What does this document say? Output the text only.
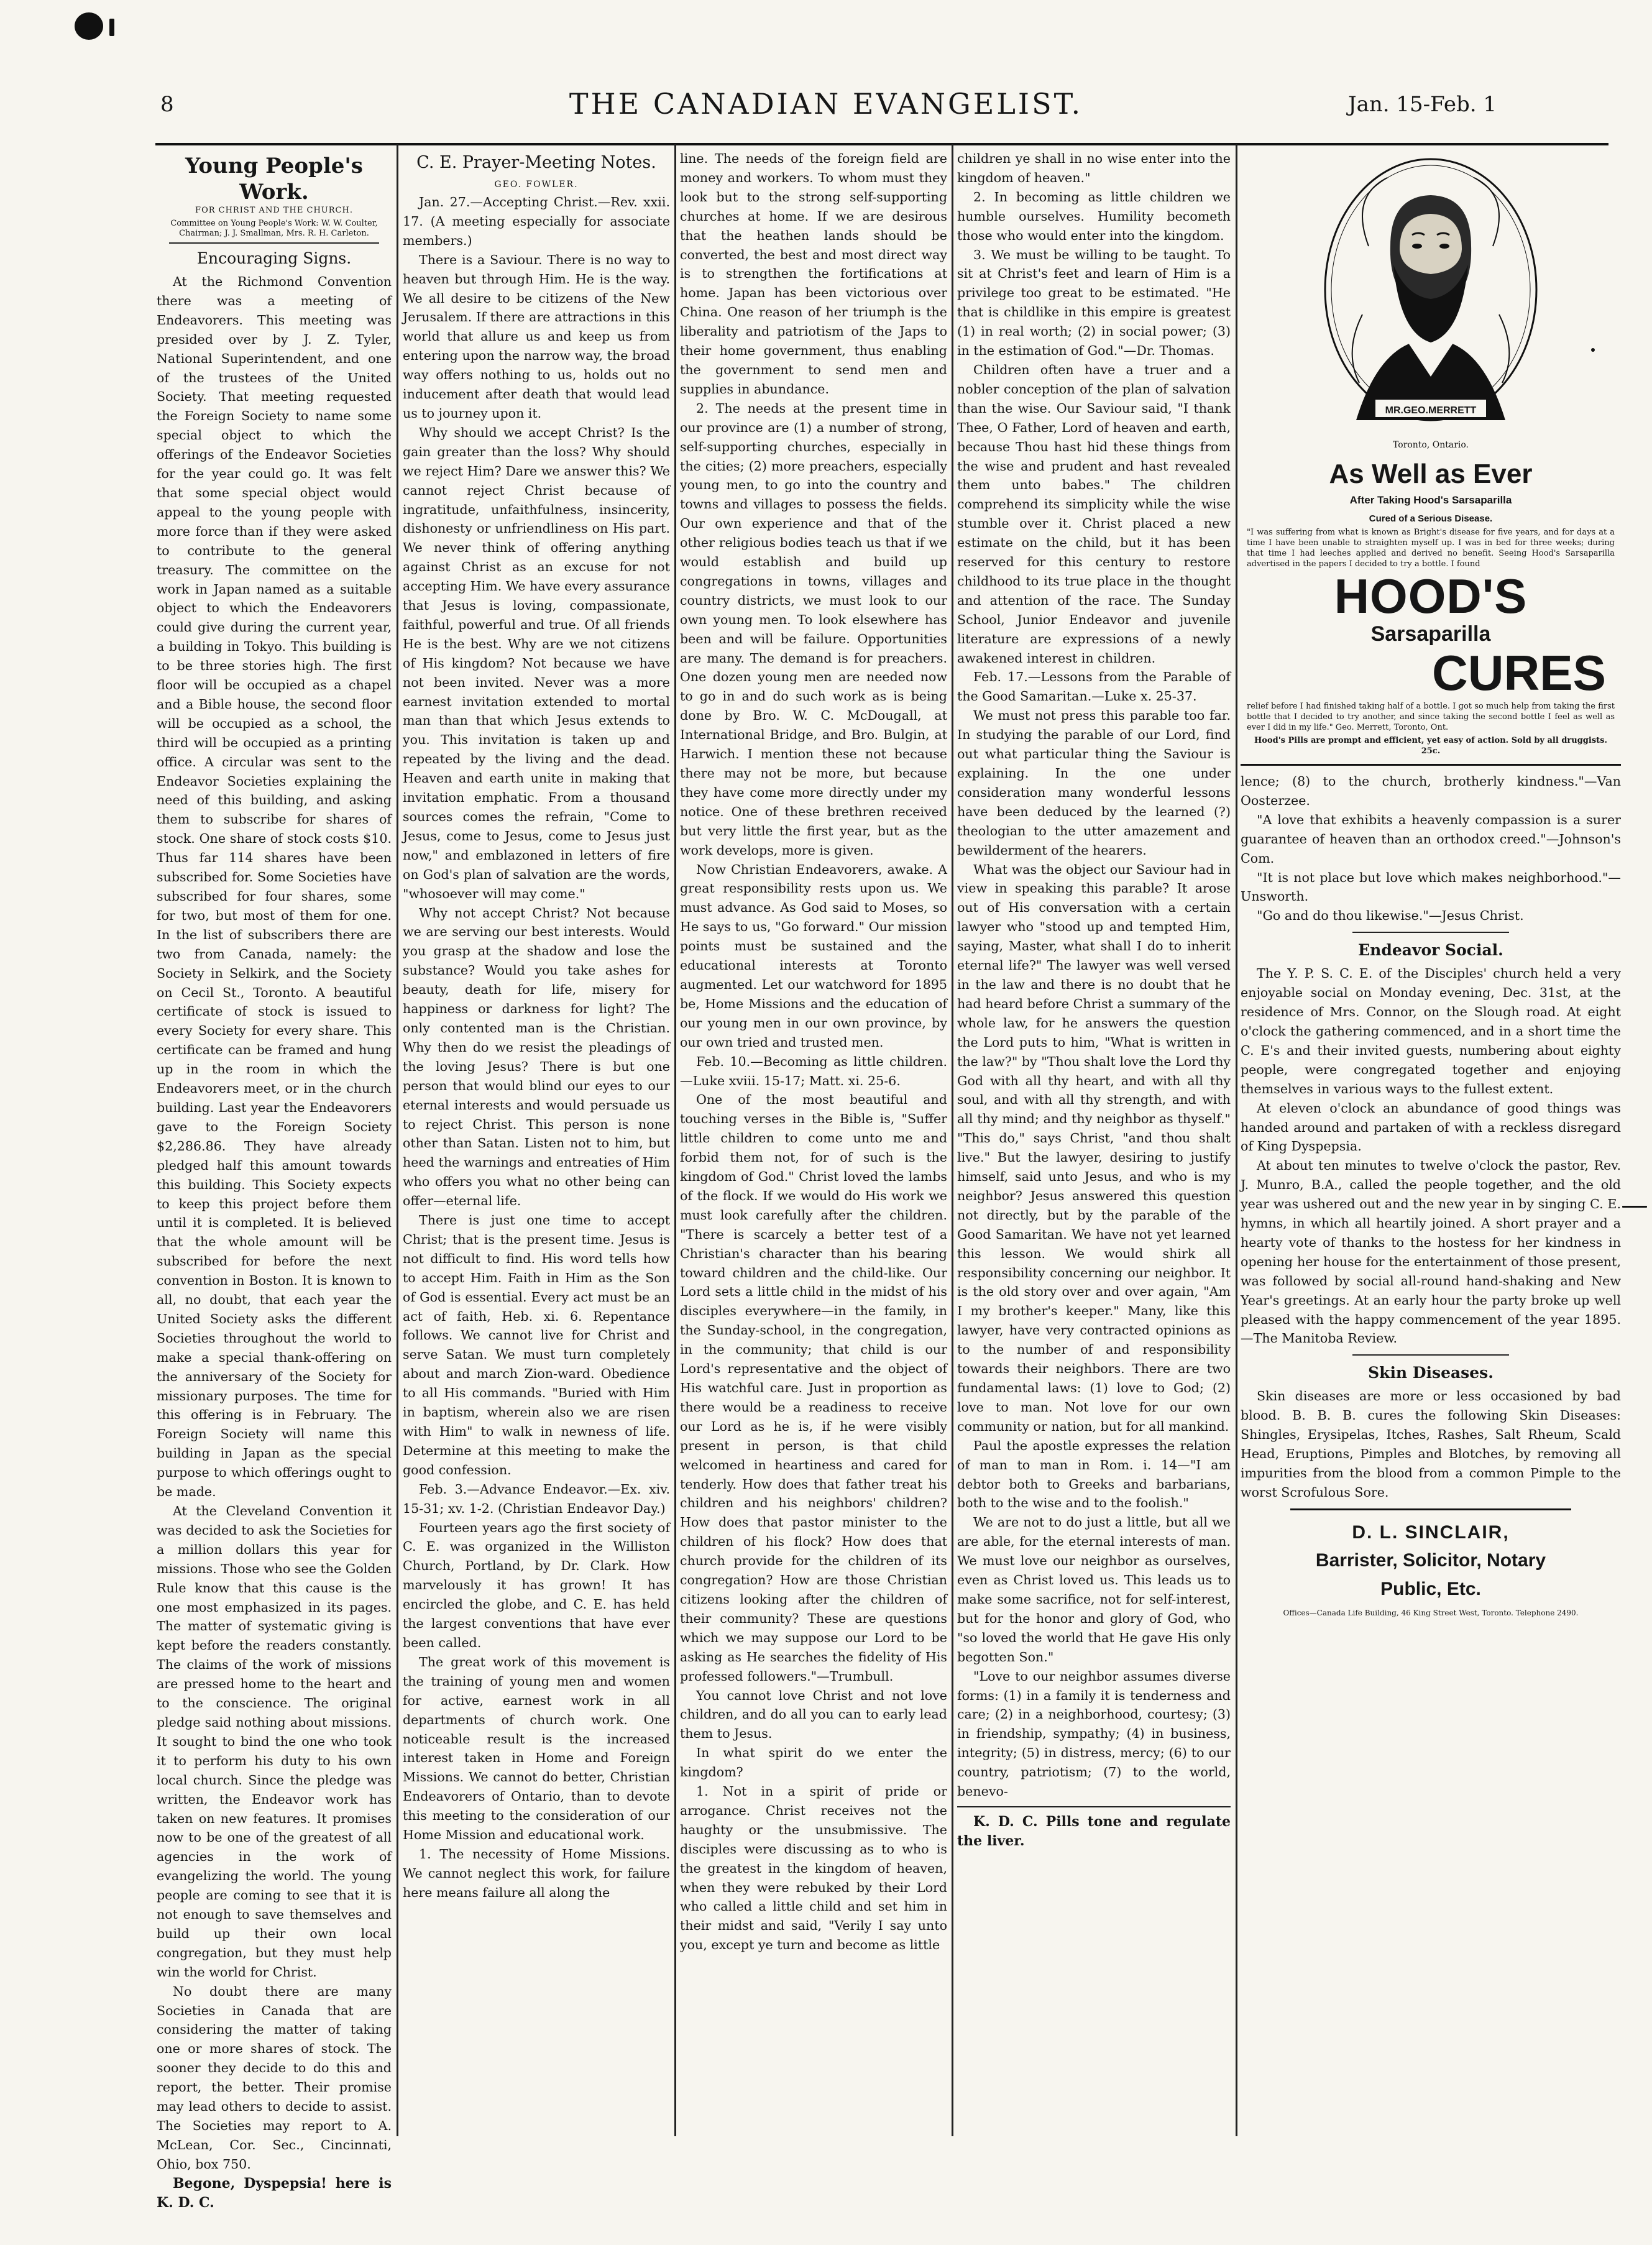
8	THE CANADIAN EVANGELIST.	Jan. 15-Feb. 1
Young People's Work.
FOR CHRIST AND THE CHURCH.
Committee on Young People's Work: W. W. Coulter, Chairman; J. J. Smallman, Mrs. R. H. Carleton.
Encouraging Signs.

At the Richmond Convention there was a meeting of Endeavorers. This meeting was presided over by J. Z. Tyler, National Superintendent, and one of the trustees of the United Society. That meeting requested the Foreign Society to name some special object to which the offerings of the Endeavor Societies for the year could go. It was felt that some special object would appeal to the young people with more force than if they were asked to contribute to the general treasury. The committee on the work in Japan named as a suitable object to which the Endeavorers could give during the current year, a building in Tokyo. This building is to be three stories high. The first floor will be occupied as a chapel and a Bible house, the second floor will be occupied as a school, the third will be occupied as a printing office. A circular was sent to the Endeavor Societies explaining the need of this building, and asking them to subscribe for shares of stock. One share of stock costs $10. Thus far 114 shares have been subscribed for. Some Societies have subscribed for four shares, some for two, but most of them for one. In the list of subscribers there are two from Canada, namely: the Society in Selkirk, and the Society on Cecil St., Toronto. A beautiful certificate of stock is issued to every Society for every share. This certificate can be framed and hung up in the room in which the Endeavorers meet, or in the church building. Last year the Endeavorers gave to the Foreign Society $2,286.86. They have already pledged half this amount towards this building. This Society expects to keep this project before them until it is completed. It is believed that the whole amount will be subscribed for before the next convention in Boston. It is known to all, no doubt, that each year the United Society asks the different Societies throughout the world to make a special thank-offering on the anniversary of the Society for missionary purposes. The time for this offering is in February. The Foreign Society will name this building in Japan as the special purpose to which offerings ought to be made.

At the Cleveland Convention it was decided to ask the Societies for a million dollars this year for missions. Those who see the Golden Rule know that this cause is the one most emphasized in its pages. The matter of systematic giving is kept before the readers constantly. The claims of the work of missions are pressed home to the heart and to the conscience. The original pledge said nothing about missions. It sought to bind the one who took it to perform his duty to his own local church. Since the pledge was written, the Endeavor work has taken on new features. It promises now to be one of the greatest of all agencies in the work of evangelizing the world. The young people are coming to see that it is not enough to save themselves and build up their own local congregation, but they must help win the world for Christ.

No doubt there are many Societies in Canada that are considering the matter of taking one or more shares of stock. The sooner they decide to do this and report, the better. Their promise may lead others to decide to assist. The Societies may report to A. McLean, Cor. Sec., Cincinnati, Ohio, box 750.

Begone, Dyspepsia! here is K. D. C.

C. E. Prayer-Meeting Notes.
GEO. FOWLER.

Jan. 27.—Accepting Christ.—Rev. xxii. 17. (A meeting especially for associate members.)

There is a Saviour. There is no way to heaven but through Him. He is the way. We all desire to be citizens of the New Jerusalem. If there are attractions in this world that allure us and keep us from entering upon the narrow way, the broad way offers nothing to us, holds out no inducement after death that would lead us to journey upon it.

Why should we accept Christ? Is the gain greater than the loss? Why should we reject Him? Dare we answer this? We cannot reject Christ because of ingratitude, unfaithfulness, insincerity, dishonesty or unfriendliness on His part. We never think of offering anything against Christ as an excuse for not accepting Him. We have every assurance that Jesus is loving, compassionate, faithful, powerful and true. Of all friends He is the best. Why are we not citizens of His kingdom? Not because we have not been invited. Never was a more earnest invitation extended to mortal man than that which Jesus extends to you. This invitation is taken up and repeated by the living and the dead. Heaven and earth unite in making that invitation emphatic. From a thousand sources comes the refrain, "Come to Jesus, come to Jesus, come to Jesus just now," and emblazoned in letters of fire on God's plan of salvation are the words, "whosoever will may come."

Why not accept Christ? Not because we are serving our best interests. Would you grasp at the shadow and lose the substance? Would you take ashes for beauty, death for life, misery for happiness or darkness for light? The only contented man is the Christian. Why then do we resist the pleadings of the loving Jesus? There is but one person that would blind our eyes to our eternal interests and would persuade us to reject Christ. This person is none other than Satan. Listen not to him, but heed the warnings and entreaties of Him who offers you what no other being can offer—eternal life.

There is just one time to accept Christ; that is the present time. Jesus is not difficult to find. His word tells how to accept Him. Faith in Him as the Son of God is essential. Every act must be an act of faith, Heb. xi. 6. Repentance follows. We cannot live for Christ and serve Satan. We must turn completely about and march Zion-ward. Obedience to all His commands. "Buried with Him in baptism, wherein also we are risen with Him" to walk in newness of life. Determine at this meeting to make the good confession.

Feb. 3.—Advance Endeavor.—Ex. xiv. 15-31; xv. 1-2. (Christian Endeavor Day.)

Fourteen years ago the first society of C. E. was organized in the Williston Church, Portland, by Dr. Clark. How marvelously it has grown! It has encircled the globe, and C. E. has held the largest conventions that have ever been called.

The great work of this movement is the training of young men and women for active, earnest work in all departments of church work. One noticeable result is the increased interest taken in Home and Foreign Missions. We cannot do better, Christian Endeavorers of Ontario, than to devote this meeting to the consideration of our Home Mission and educational work.

1. The necessity of Home Missions. We cannot neglect this work, for failure here means failure all along the

line. The needs of the foreign field are money and workers. To whom must they look but to the strong self-supporting churches at home. If we are desirous that the heathen lands should be converted, the best and most direct way is to strengthen the fortifications at home. Japan has been victorious over China. One reason of her triumph is the liberality and patriotism of the Japs to their home government, thus enabling the government to send men and supplies in abundance.

2. The needs at the present time in our province are (1) a number of strong, self-supporting churches, especially in the cities; (2) more preachers, especially young men, to go into the country and towns and villages to possess the fields. Our own experience and that of the other religious bodies teach us that if we would establish and build up congregations in towns, villages and country districts, we must look to our own young men. To look elsewhere has been and will be failure. Opportunities are many. The demand is for preachers. One dozen young men are needed now to go in and do such work as is being done by Bro. W. C. McDougall, at International Bridge, and Bro. Bulgin, at Harwich. I mention these not because there may not be more, but because they have come more directly under my notice. One of these brethren received but very little the first year, but as the work develops, more is given.

Now Christian Endeavorers, awake. A great responsibility rests upon us. We must advance. As God said to Moses, so He says to us, "Go forward." Our mission points must be sustained and the educational interests at Toronto augmented. Let our watchword for 1895 be, Home Missions and the education of our young men in our own province, by our own tried and trusted men.

Feb. 10.—Becoming as little children.—Luke xviii. 15-17; Matt. xi. 25-6.

One of the most beautiful and touching verses in the Bible is, "Suffer little children to come unto me and forbid them not, for of such is the kingdom of God." Christ loved the lambs of the flock. If we would do His work we must look carefully after the children. "There is scarcely a better test of a Christian's character than his bearing toward children and the child-like. Our Lord sets a little child in the midst of his disciples everywhere—in the family, in the Sunday-school, in the congregation, in the community; that child is our Lord's representative and the object of His watchful care. Just in proportion as there would be a readiness to receive our Lord as he is, if he were visibly present in person, is that child welcomed in heartiness and cared for tenderly. How does that father treat his children and his neighbors' children? How does that pastor minister to the children of his flock? How does that church provide for the children of its congregation? How are those Christian citizens looking after the children of their community? These are questions which we may suppose our Lord to be asking as He searches the fidelity of His professed followers."—Trumbull.

You cannot love Christ and not love children, and do all you can to early lead them to Jesus.

In what spirit do we enter the kingdom?

1. Not in a spirit of pride or arrogance. Christ receives not the haughty or the unsubmissive. The disciples were discussing as to who is the greatest in the kingdom of heaven, when they were rebuked by their Lord who called a little child and set him in their midst and said, "Verily I say unto you, except ye turn and become as little

children ye shall in no wise enter into the kingdom of heaven."

2. In becoming as little children we humble ourselves. Humility becometh those who would enter into the kingdom.

3. We must be willing to be taught. To sit at Christ's feet and learn of Him is a privilege too great to be estimated. "He that is childlike in this empire is greatest (1) in real worth; (2) in social power; (3) in the estimation of God."—Dr. Thomas.

Children often have a truer and a nobler conception of the plan of salvation than the wise. Our Saviour said, "I thank Thee, O Father, Lord of heaven and earth, because Thou hast hid these things from the wise and prudent and hast revealed them unto babes." The children comprehend its simplicity while the wise stumble over it. Christ placed a new estimate on the child, but it has been reserved for this century to restore childhood to its true place in the thought and attention of the race. The Sunday School, Junior Endeavor and juvenile literature are expressions of a newly awakened interest in children.

Feb. 17.—Lessons from the Parable of the Good Samaritan.—Luke x. 25-37.

We must not press this parable too far. In studying the parable of our Lord, find out what particular thing the Saviour is explaining. In the one under consideration many wonderful lessons have been deduced by the learned (?) theologian to the utter amazement and bewilderment of the hearers.

What was the object our Saviour had in view in speaking this parable? It arose out of His conversation with a certain lawyer who "stood up and tempted Him, saying, Master, what shall I do to inherit eternal life?" The lawyer was well versed in the law and there is no doubt that he had heard before Christ a summary of the whole law, for he answers the question the Lord puts to him, "What is written in the law?" by "Thou shalt love the Lord thy God with all thy heart, and with all thy soul, and with all thy strength, and with all thy mind; and thy neighbor as thyself." "This do," says Christ, "and thou shalt live." But the lawyer, desiring to justify himself, said unto Jesus, and who is my neighbor? Jesus answered this question not directly, but by the parable of the Good Samaritan. We have not yet learned this lesson. We would shirk all responsibility concerning our neighbor. It is the old story over and over again, "Am I my brother's keeper." Many, like this lawyer, have very contracted opinions as to the number of and responsibility towards their neighbors. There are two fundamental laws: (1) love to God; (2) love to man. Not love for our own community or nation, but for all mankind.

Paul the apostle expresses the relation of man to man in Rom. i. 14—"I am debtor both to Greeks and barbarians, both to the wise and to the foolish."

We are not to do just a little, but all we are able, for the eternal interests of man. We must love our neighbor as ourselves, even as Christ loved us. This leads us to make some sacrifice, not for self-interest, but for the honor and glory of God, who "so loved the world that He gave His only begotten Son."

"Love to our neighbor assumes diverse forms: (1) in a family it is tenderness and care; (2) in a neighborhood, courtesy; (3) in friendship, sympathy; (4) in business, integrity; (5) in distress, mercy; (6) to our country, patriotism; (7) to the world, benevo-

K. D. C. Pills tone and regulate the liver.

MR.GEO.MERRETT
Toronto, Ontario.
As Well as Ever
After Taking Hood's Sarsaparilla
Cured of a Serious Disease.
"I was suffering from what is known as Bright's disease for five years, and for days at a time I have been unable to straighten myself up. I was in bed for three weeks; during that time I had leeches applied and derived no benefit. Seeing Hood's Sarsaparilla advertised in the papers I decided to try a bottle. I found
HOOD'S
Sarsaparilla
CURES
relief before I had finished taking half of a bottle. I got so much help from taking the first bottle that I decided to try another, and since taking the second bottle I feel as well as ever I did in my life." Geo. Merrett, Toronto, Ont.
Hood's Pills are prompt and efficient, yet easy of action. Sold by all druggists. 25c.

lence; (8) to the church, brotherly kindness."—Van Oosterzee.

"A love that exhibits a heavenly compassion is a surer guarantee of heaven than an orthodox creed."—Johnson's Com.

"It is not place but love which makes neighborhood."—Unsworth.

"Go and do thou likewise."—Jesus Christ.

Endeavor Social.

The Y. P. S. C. E. of the Disciples' church held a very enjoyable social on Monday evening, Dec. 31st, at the residence of Mrs. Connor, on the Slough road. At eight o'clock the gathering commenced, and in a short time the C. E's and their invited guests, numbering about eighty people, were congregated together and enjoying themselves in various ways to the fullest extent.

At eleven o'clock an abundance of good things was handed around and partaken of with a reckless disregard of King Dyspepsia.

At about ten minutes to twelve o'clock the pastor, Rev. J. Munro, B.A., called the people together, and the old year was ushered out and the new year in by singing C. E. hymns, in which all heartily joined. A short prayer and a hearty vote of thanks to the hostess for her kindness in opening her house for the entertainment of those present, was followed by social all-round hand-shaking and New Year's greetings. At an early hour the party broke up well pleased with the happy commencement of the year 1895.—The Manitoba Review.

Skin Diseases.

Skin diseases are more or less occasioned by bad blood. B. B. B. cures the following Skin Diseases: Shingles, Erysipelas, Itches, Rashes, Salt Rheum, Scald Head, Eruptions, Pimples and Blotches, by removing all impurities from the blood from a common Pimple to the worst Scrofulous Sore.

D. L. SINCLAIR,
Barrister, Solicitor, Notary
Public, Etc.
Offices—Canada Life Building, 46 King Street West, Toronto. Telephone 2490.
